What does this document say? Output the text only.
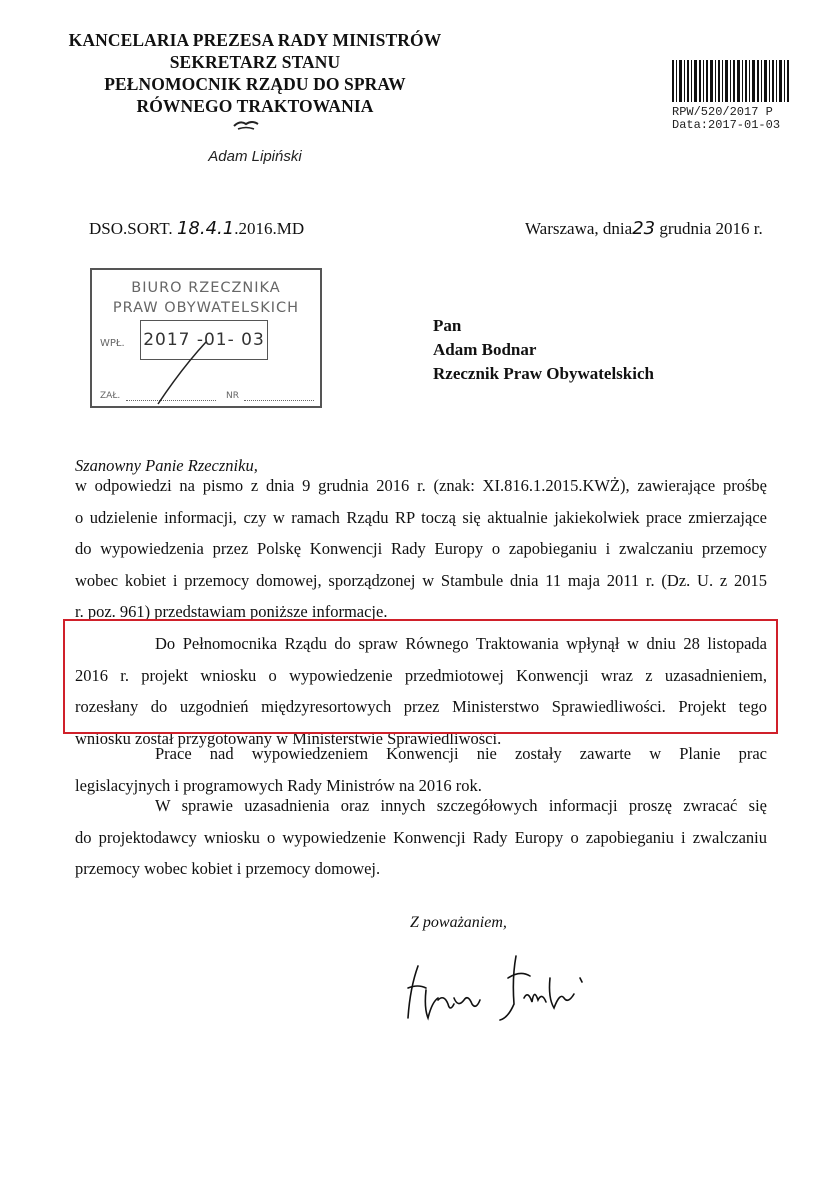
KANCELARIA PREZESA RADY MINISTRÓW
SEKRETARZ STANU
PEŁNOMOCNIK RZĄDU DO SPRAW
RÓWNEGO TRAKTOWANIA
Adam Lipiński
RPW/520/2017 P
Data:2017-01-03
DSO.SORT. 18.4.1.2016.MD	Warszawa, dnia23 grudnia 2016 r.
BIURO RZECZNIKA
PRAW OBYWATELSKICH
WPŁ. 2017 -01- 03
ZAŁ.	NR
Pan
Adam Bodnar
Rzecznik Praw Obywatelskich
Szanowny Panie Rzeczniku,
w odpowiedzi na pismo z dnia 9 grudnia 2016 r. (znak: XI.816.1.2015.KWŻ), zawierające prośbę
o udzielenie informacji, czy w ramach Rządu RP toczą się aktualnie jakiekolwiek prace zmierzające
do wypowiedzenia przez Polskę Konwencji Rady Europy o zapobieganiu i zwalczaniu przemocy
wobec kobiet i przemocy domowej, sporządzonej w Stambule dnia 11 maja 2011 r. (Dz. U. z 2015
r. poz. 961) przedstawiam poniższe informacje.
Do Pełnomocnika Rządu do spraw Równego Traktowania wpłynął w dniu 28 listopada
2016 r. projekt wniosku o wypowiedzenie przedmiotowej Konwencji wraz z uzasadnieniem,
rozesłany do uzgodnień międzyresortowych przez Ministerstwo Sprawiedliwości. Projekt tego
wniosku został przygotowany w Ministerstwie Sprawiedliwości.
Prace nad wypowiedzeniem Konwencji nie zostały zawarte w Planie prac
legislacyjnych i programowych Rady Ministrów na 2016 rok.
W sprawie uzasadnienia oraz innych szczegółowych informacji proszę zwracać się
do projektodawcy wniosku o wypowiedzenie Konwencji Rady Europy o zapobieganiu i zwalczaniu
przemocy wobec kobiet i przemocy domowej.
Z poważaniem,
